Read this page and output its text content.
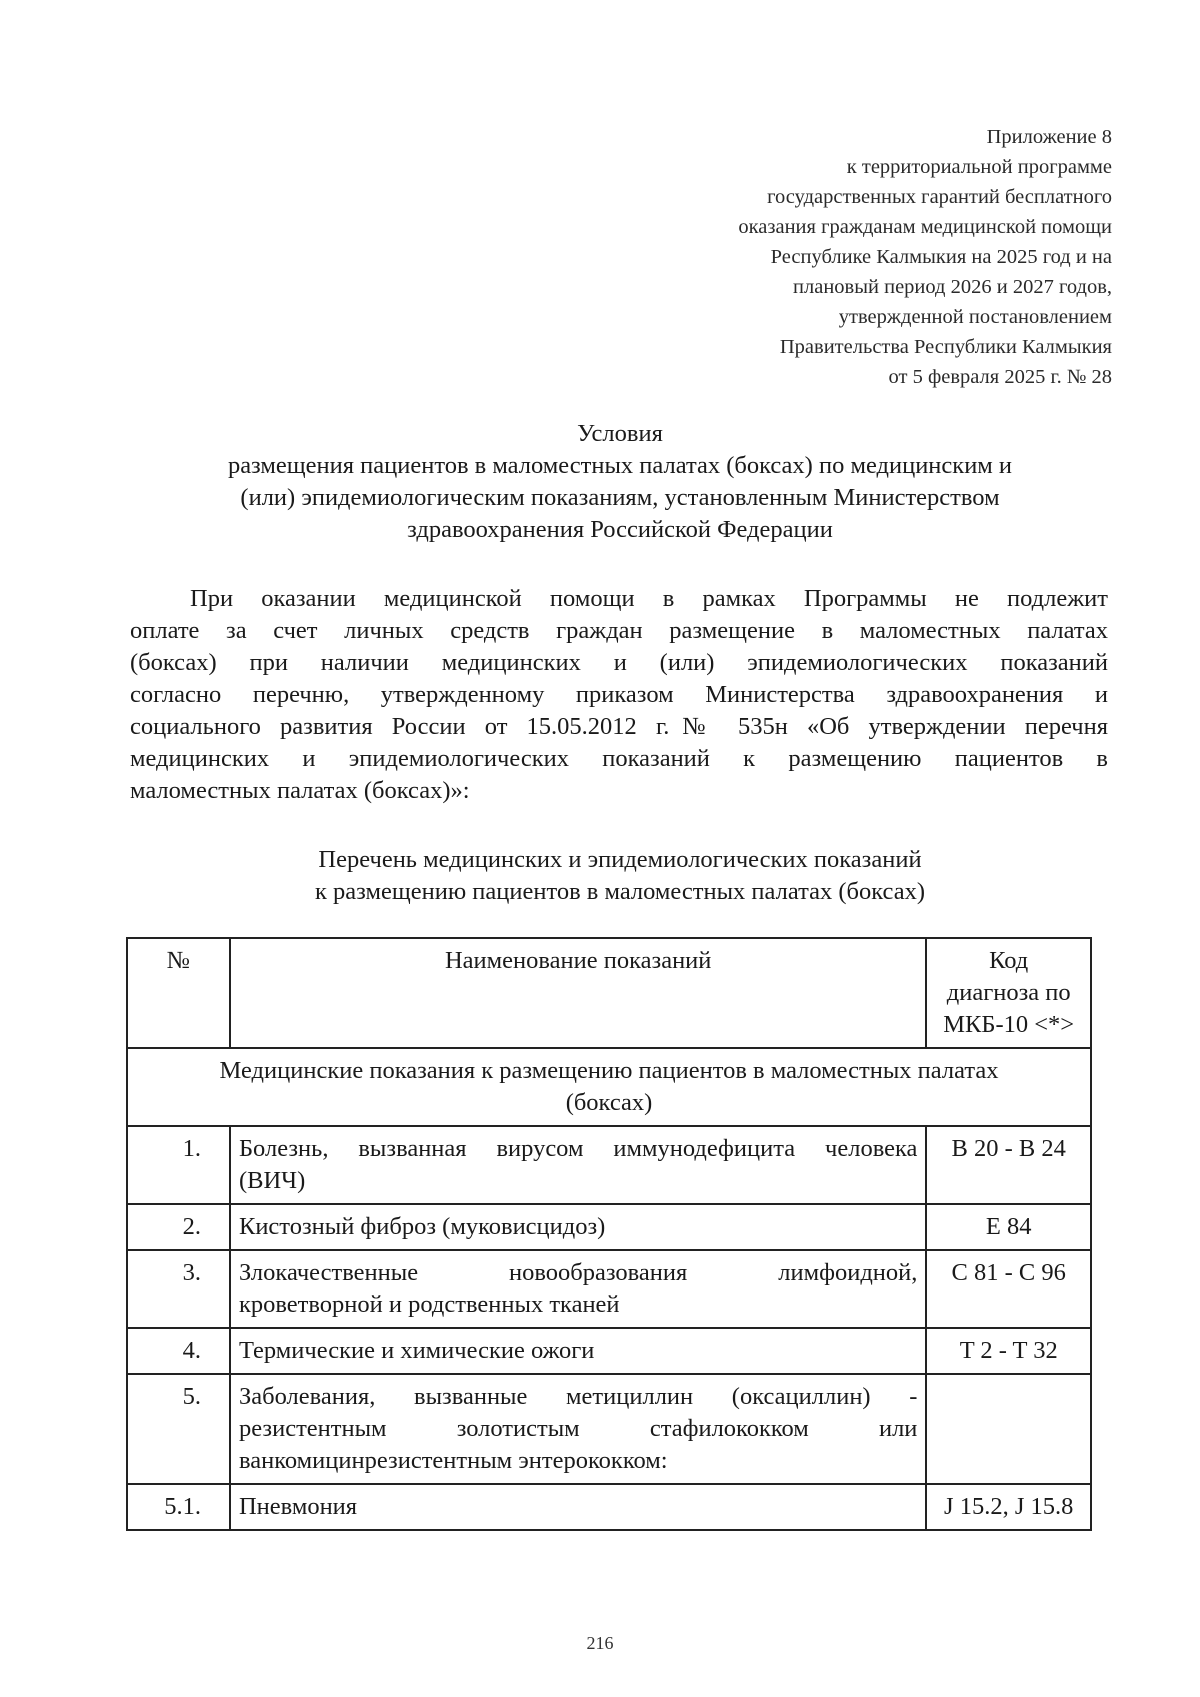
Приложение 8
к территориальной программе
государственных гарантий бесплатного
оказания гражданам медицинской помощи
Республике Калмыкия на 2025 год и на
плановый период 2026 и 2027 годов,
утвержденной постановлением
Правительства Республики Калмыкия
от 5 февраля 2025 г. № 28
Условия
размещения пациентов в маломестных палатах (боксах) по медицинским и
(или) эпидемиологическим показаниям, установленным Министерством
здравоохранения Российской Федерации
При оказании медицинской помощи в рамках Программы не подлежит
оплате за счет личных средств граждан размещение в маломестных палатах
(боксах) при наличии медицинских и (или) эпидемиологических показаний
согласно перечню, утвержденному приказом Министерства здравоохранения и
социального развития России от 15.05.2012 г.№ 535н «Об утверждении перечня
медицинских и эпидемиологических показаний к размещению пациентов в
маломестных палатах (боксах)»:
Перечень медицинских и эпидемиологических показаний
к размещению пациентов в маломестных палатах (боксах)
№	Наименование показаний	Код
диагноза по
МКБ-10 <*>

Медицинские показания к размещению пациентов в маломестных палатах
(боксах)		

1.	Болезнь, вызванная вирусом иммунодефицита человека
(ВИЧ)	B 20 - B 24
2.	Кистозный фиброз (муковисцидоз)	E 84
3.	Злокачественные новообразования лимфоидной,
кроветворной и родственных тканей	C 81 - C 96
4.	Термические и химические ожоги	T 2 - T 32
5.	Заболевания, вызванные метициллин (оксациллин) -
резистентным золотистым стафилококком или
ванкомицинрезистентным энтерококком:	

5.1.	Пневмония	J 15.2, J 15.8
216
